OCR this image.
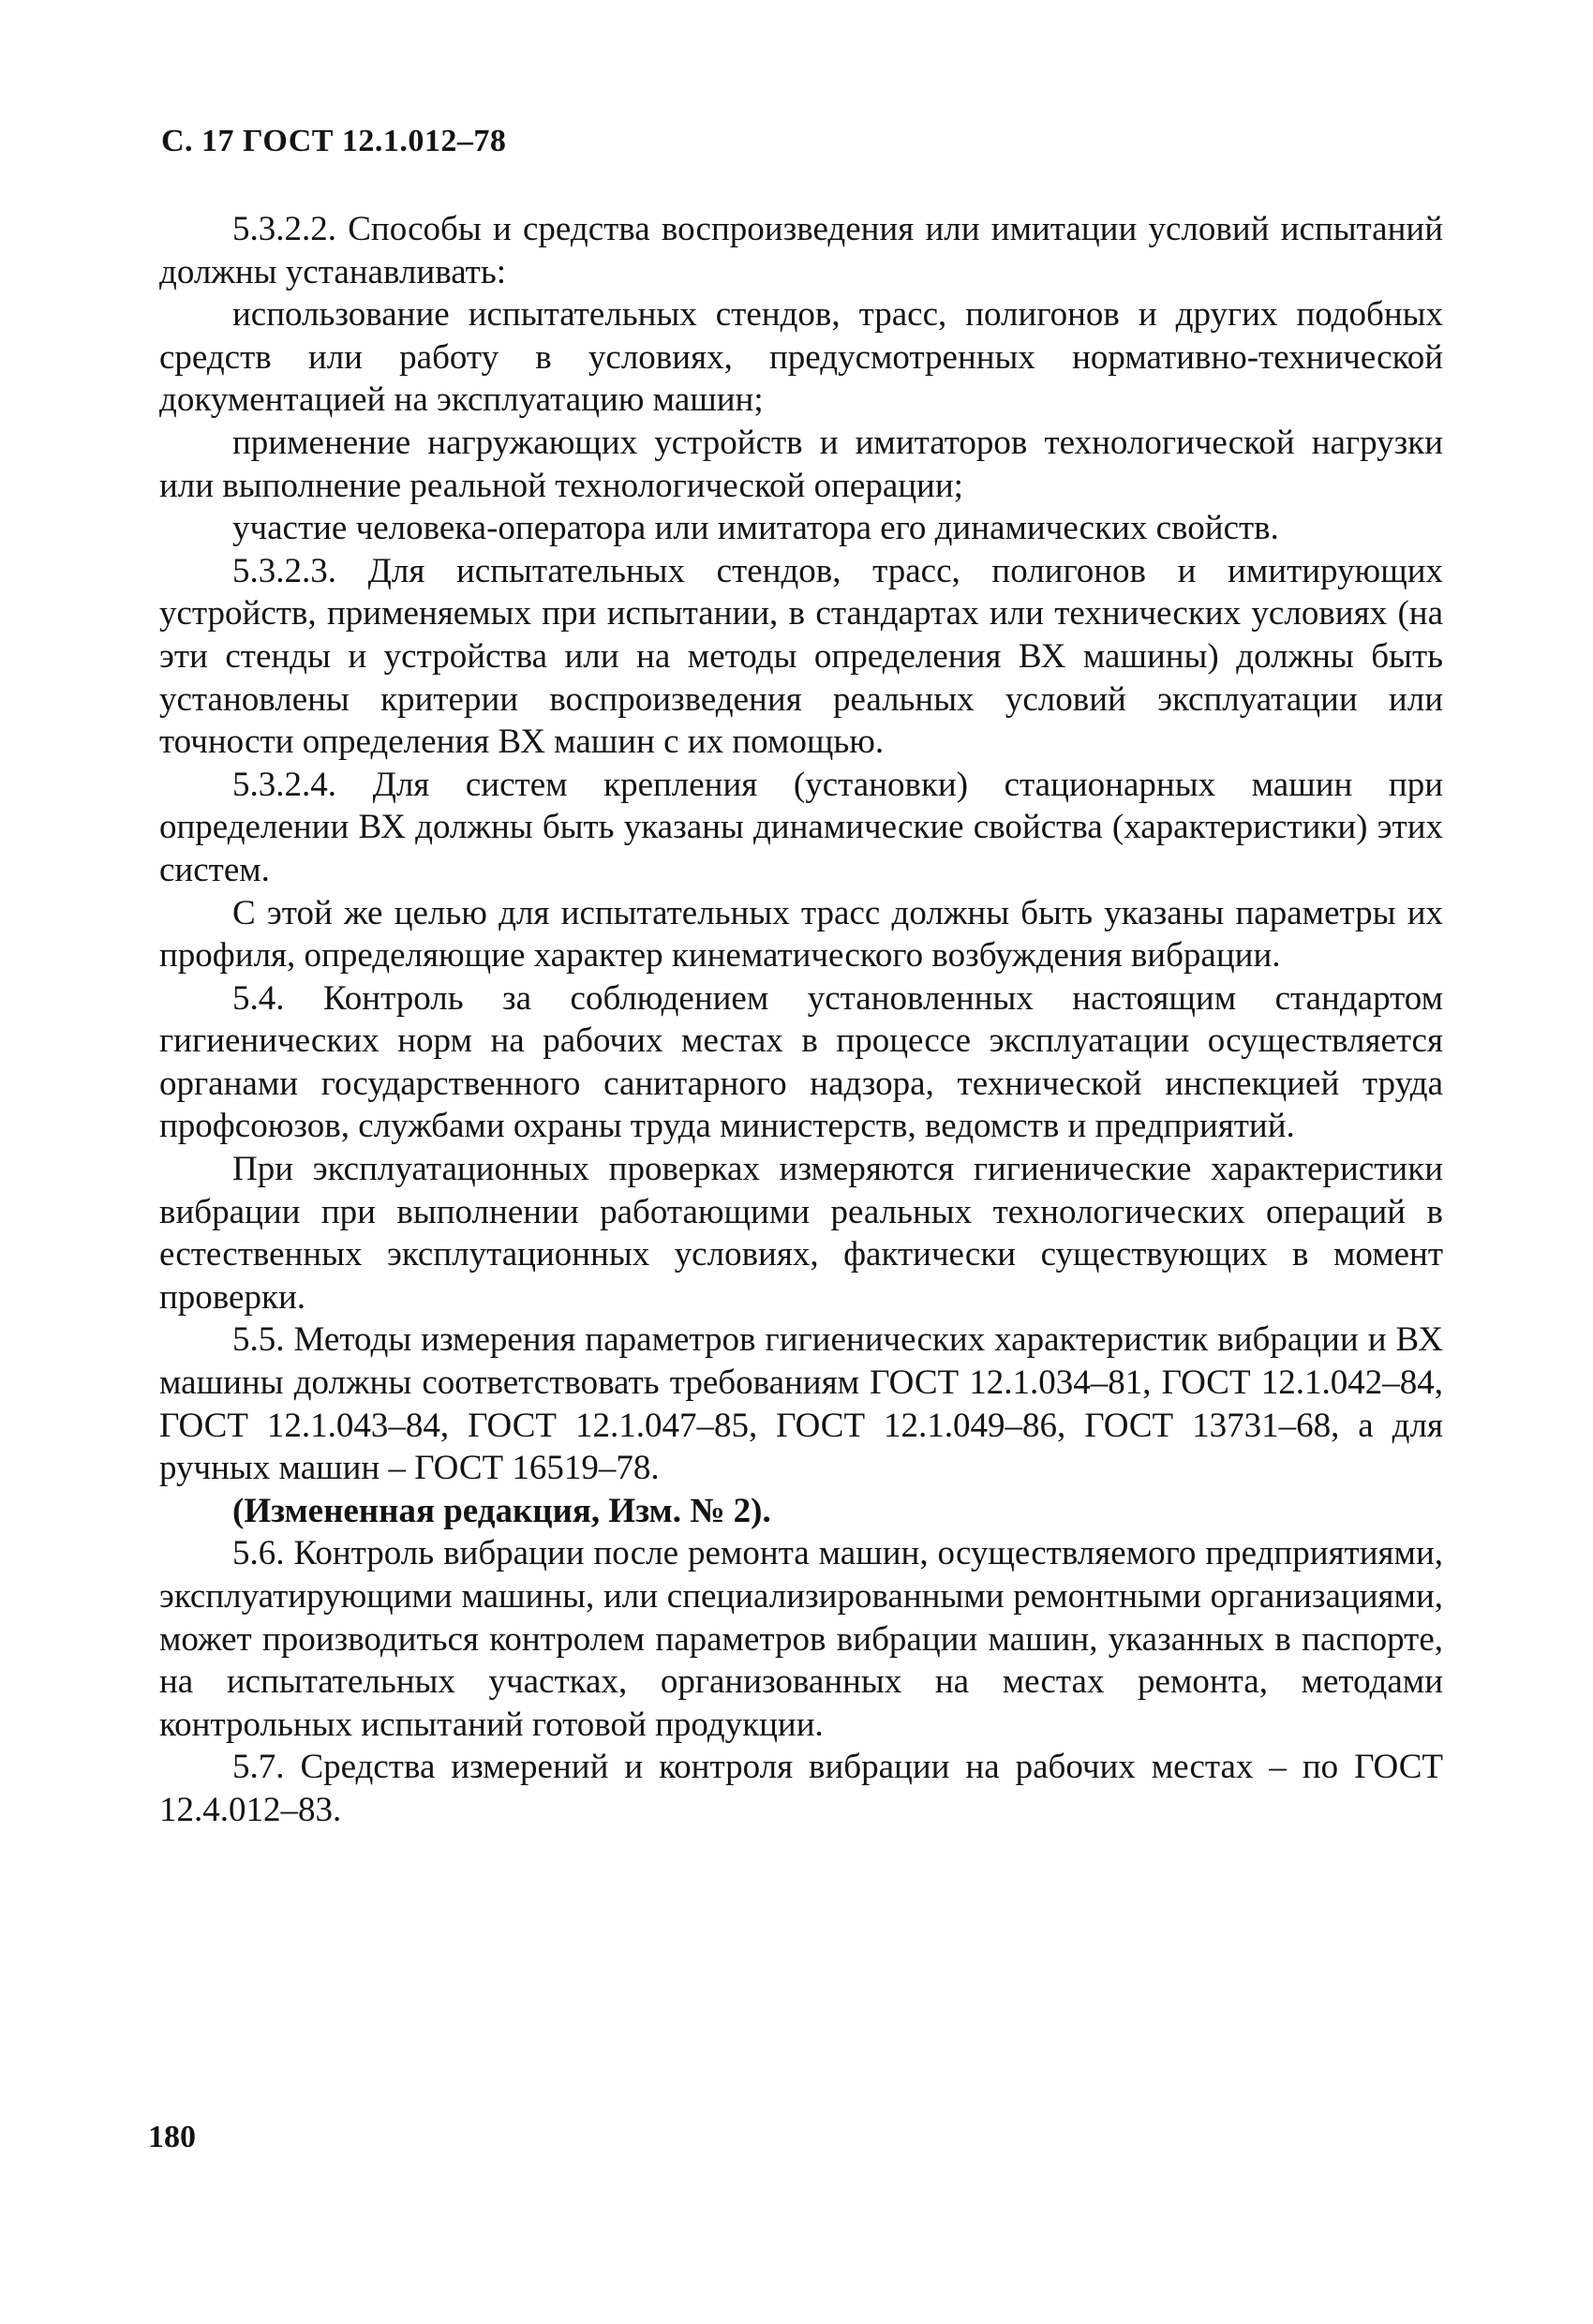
С. 17 ГОСТ 12.1.012–78

5.3.2.2. Способы и средства воспроизведения или имитации условий испытаний должны устанавливать:

использование испытательных стендов, трасс, полигонов и других подобных средств или работу в условиях, предусмотренных нормативно-технической документацией на эксплуатацию машин;

применение нагружающих устройств и имитаторов технологической нагрузки или выполнение реальной технологической операции;

участие человека-оператора или имитатора его динамических свойств.

5.3.2.3. Для испытательных стендов, трасс, полигонов и имитирующих устройств, применяемых при испытании, в стандартах или технических условиях (на эти стенды и устройства или на методы определения ВХ машины) должны быть установлены критерии воспроизведения реальных условий эксплуатации или точности определения ВХ машин с их помощью.

5.3.2.4. Для систем крепления (установки) стационарных машин при определении ВХ должны быть указаны динамические свойства (характеристики) этих систем.

С этой же целью для испытательных трасс должны быть указаны параметры их профиля, определяющие характер кинематического возбуждения вибрации.

5.4. Контроль за соблюдением установленных настоящим стандартом гигиенических норм на рабочих местах в процессе эксплуатации осуществляется органами государственного санитарного надзора, технической инспекцией труда профсоюзов, службами охраны труда министерств, ведомств и предприятий.

При эксплуатационных проверках измеряются гигиенические характеристики вибрации при выполнении работающими реальных технологических операций в естественных эксплутационных условиях, фактически существующих в момент проверки.

5.5. Методы измерения параметров гигиенических характеристик вибрации и ВХ машины должны соответствовать требованиям ГОСТ 12.1.034–81, ГОСТ 12.1.042–84, ГОСТ 12.1.043–84, ГОСТ 12.1.047–85, ГОСТ 12.1.049–86, ГОСТ 13731–68, а для ручных машин – ГОСТ 16519–78.

(Измененная редакция, Изм. № 2).

5.6. Контроль вибрации после ремонта машин, осуществляемого предприятиями, эксплуатирующими машины, или специализированными ремонтными организациями, может производиться контролем параметров вибрации машин, указанных в паспорте, на испытательных участках, организованных на местах ремонта, методами контрольных испытаний готовой продукции.

5.7. Средства измерений и контроля вибрации на рабочих местах – по ГОСТ 12.4.012–83.

180
